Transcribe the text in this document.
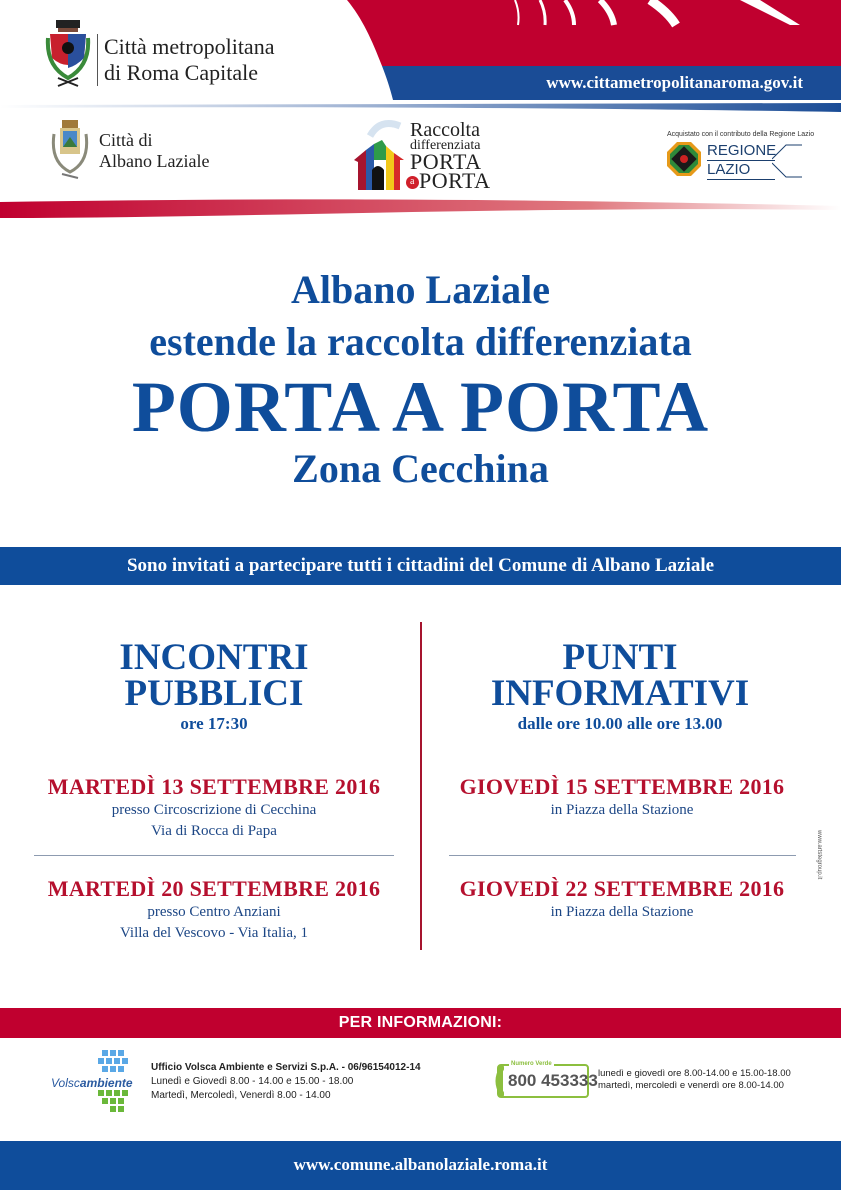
Città metropolitana
di Roma Capitale	www.cittametropolitanaroma.gov.it
Città di
Albano Laziale
Raccolta
differenziata
PORTA
a PORTA
Acquistato con il contributo della Regione Lazio
REGIONE
LAZIO
Albano Laziale
estende la raccolta differenziata
PORTA A PORTA
Zona Cecchina
Sono invitati a partecipare tutti i cittadini del Comune di Albano Laziale
INCONTRI
PUBBLICI
ore 17:30
PUNTI
INFORMATIVI
dalle ore 10.00 alle ore 13.00
MARTEDÌ 13 SETTEMBRE 2016
presso Circoscrizione di Cecchina
Via di Rocca di Papa
MARTEDÌ 20 SETTEMBRE 2016
presso Centro Anziani
Villa del Vescovo - Via Italia, 1
GIOVEDÌ 15 SETTEMBRE 2016
in Piazza della Stazione
GIOVEDÌ 22 SETTEMBRE 2016
in Piazza della Stazione
www.artstegroup.it
PER INFORMAZIONI:
Volscambiente
Ufficio Volsca Ambiente e Servizi S.p.A. - 06/96154012-14
Lunedì e Giovedì 8.00 - 14.00 e 15.00 - 18.00
Martedì, Mercoledì, Venerdì 8.00 - 14.00
Numero Verde
800 453333 lunedì e giovedì ore 8.00-14.00 e 15.00-18.00
martedì, mercoledì e venerdì ore 8.00-14.00
www.comune.albanolaziale.roma.it
